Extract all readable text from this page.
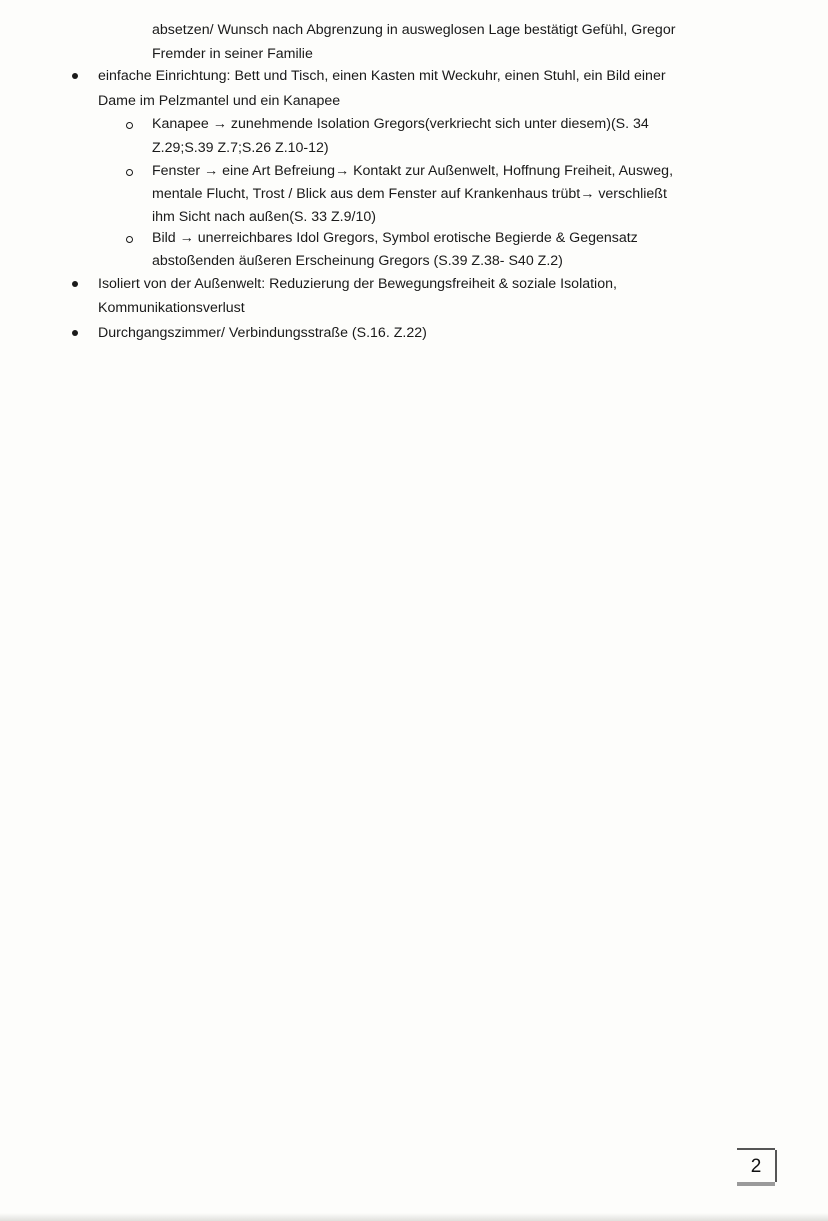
absetzen/ Wunsch nach Abgrenzung in ausweglosen Lage bestätigt Gefühl, Gregor
Fremder in seiner Familie
einfache Einrichtung: Bett und Tisch, einen Kasten mit Weckuhr, einen Stuhl, ein Bild einer
Dame im Pelzmantel und ein Kanapee
Kanapee → zunehmende Isolation Gregors(verkriecht sich unter diesem)(S. 34
Z.29;S.39 Z.7;S.26 Z.10-12)
Fenster → eine Art Befreiung→ Kontakt zur Außenwelt, Hoffnung Freiheit, Ausweg,
mentale Flucht, Trost / Blick aus dem Fenster auf Krankenhaus trübt→ verschließt
ihm Sicht nach außen(S. 33 Z.9/10)
Bild → unerreichbares Idol Gregors, Symbol erotische Begierde & Gegensatz
abstoßenden äußeren Erscheinung Gregors (S.39 Z.38- S40 Z.2)
Isoliert von der Außenwelt: Reduzierung der Bewegungsfreiheit & soziale Isolation,
Kommunikationsverlust
Durchgangszimmer/ Verbindungsstraße (S.16. Z.22)
2
